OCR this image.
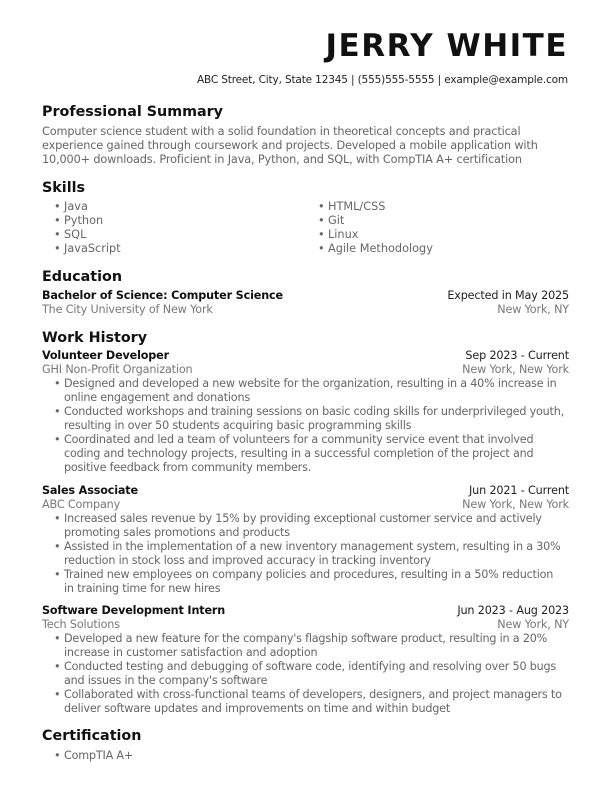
JERRY WHITE
ABC Street, City, State 12345 | (555)555-5555 | example@example.com
Professional Summary
Computer science student with a solid foundation in theoretical concepts and practical experience gained through coursework and projects. Developed a mobile application with 10,000+ downloads. Proficient in Java, Python, and SQL, with CompTIA A+ certification
Skills
• Java
• Python
• SQL
• JavaScript
• HTML/CSS
• Git
• Linux
• Agile Methodology
Education
Bachelor of Science: Computer Science	Expected in May 2025
The City University of New York	New York, NY
Work History
Volunteer Developer	Sep 2023 - Current
GHI Non-Profit Organization	New York, New York
• Designed and developed a new website for the organization, resulting in a 40% increase in online engagement and donations
• Conducted workshops and training sessions on basic coding skills for underprivileged youth, resulting in over 50 students acquiring basic programming skills
• Coordinated and led a team of volunteers for a community service event that involved coding and technology projects, resulting in a successful completion of the project and positive feedback from community members.
Sales Associate	Jun 2021 - Current
ABC Company	New York, New York
• Increased sales revenue by 15% by providing exceptional customer service and actively promoting sales promotions and products
• Assisted in the implementation of a new inventory management system, resulting in a 30% reduction in stock loss and improved accuracy in tracking inventory
• Trained new employees on company policies and procedures, resulting in a 50% reduction in training time for new hires
Software Development Intern	Jun 2023 - Aug 2023
Tech Solutions	New York, NY
• Developed a new feature for the company's flagship software product, resulting in a 20% increase in customer satisfaction and adoption
• Conducted testing and debugging of software code, identifying and resolving over 50 bugs and issues in the company's software
• Collaborated with cross-functional teams of developers, designers, and project managers to deliver software updates and improvements on time and within budget
Certification
• CompTIA A+
